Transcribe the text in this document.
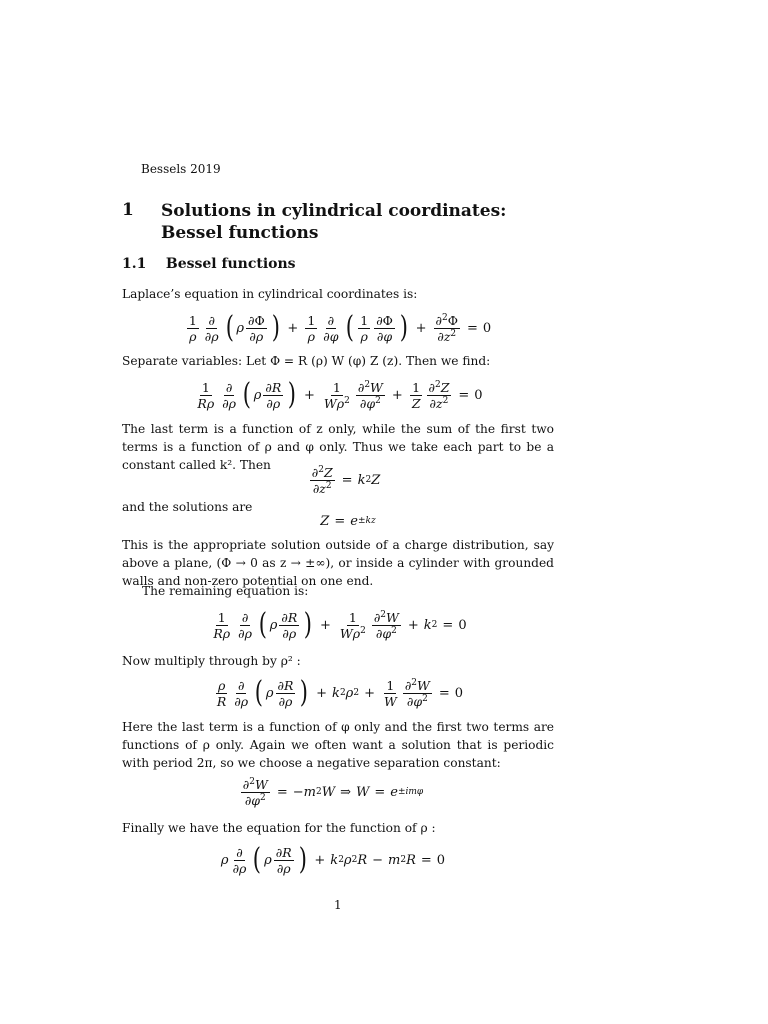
Bessels 2019
1 Solutions in cylindrical coordinates: Bessel functions
1.1 Bessel functions
Laplace’s equation in cylindrical coordinates is:
$\frac{1}{\rho} \frac{\partial}{\partial\rho}$ ( ρ $\frac{\partial\Phi}{\partial\rho}$ ) + $\frac{1}{\rho} \frac{\partial}{\partial\varphi}$ ( $\frac{1}{\rho} \frac{\partial\Phi}{\partial\varphi}$ ) + $\frac{\partial^2\Phi}{\partial z^2} = 0$
Separate variables: Let Φ = R (ρ) W (φ) Z (z). Then we find:
$\frac{1}{R\rho} \frac{\partial}{\partial\rho}$ ( ρ $\frac{\partial R}{\partial\rho}$ ) + $\frac{1}{W\rho^2} \frac{\partial^2W}{\partial\varphi^2} + \frac{1}{Z} \frac{\partial^2Z}{\partial z^2} = 0$
The last term is a function of z only, while the sum of the first two terms is a function of ρ and φ only. Thus we take each part to be a constant called k². Then	$\frac{\partial^2Z}{\partial z^2} = k$ 2 Z
and the solutions are
Z = e ±kz
This is the appropriate solution outside of a charge distribution, say above a plane, (Φ → 0 as z → ±∞), or inside a cylinder with grounded walls and non-zero potential on one end.
The remaining equation is:
$\frac{1}{R\rho} \frac{\partial}{\partial\rho}$ ( ρ $\frac{\partial R}{\partial\rho}$ ) + $\frac{1}{W\rho^2} \frac{\partial^2W}{\partial\varphi^2} + k$ 2 = 0
Now multiply through by ρ² :
$\frac{\rho}{R} \frac{\partial}{\partial\rho}$ ( ρ $\frac{\partial R}{\partial\rho}$ ) + k 2 ρ $2 + \frac{1}{W} \frac{\partial^2W}{\partial\varphi^2} = 0$
Here the last term is a function of φ only and the first two terms are functions of ρ only. Again we often want a solution that is periodic with period 2π, so we choose a negative separation constant:
$\frac{\partial^2W}{\partial\varphi^2}$ = − m 2 W ⇒ W = e ±imφ
Finally we have the equation for the function of ρ :
ρ $\frac{\partial}{\partial\rho}$ ( ρ $\frac{\partial R}{\partial\rho}$ ) + k 2 ρ 2 R − m 2 R = 0
1
